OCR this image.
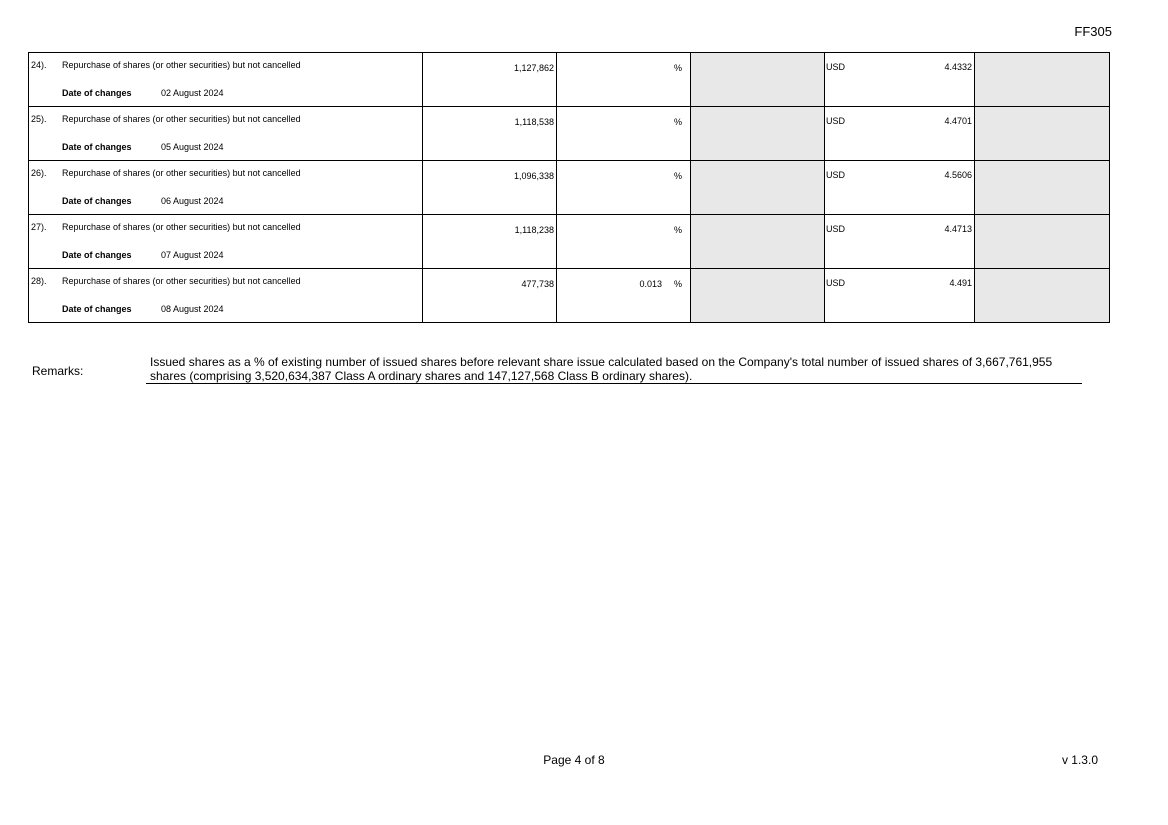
FF305
24). Repurchase of shares (or other securities) but not cancelled
Date of changes 02 August 2024	1,127,862	%		USD 4.4332	

25). Repurchase of shares (or other securities) but not cancelled
Date of changes 05 August 2024	1,118,538	%		USD 4.4701	

26). Repurchase of shares (or other securities) but not cancelled
Date of changes 06 August 2024	1,096,338	%		USD 4.5606	

27). Repurchase of shares (or other securities) but not cancelled
Date of changes 07 August 2024	1,118,238	%		USD 4.4713	

28). Repurchase of shares (or other securities) but not cancelled
Date of changes 08 August 2024	477,738	0.013 %		USD 4.491	

Remarks:
Issued shares as a % of existing number of issued shares before relevant share issue calculated based on the Company's total number of issued shares of 3,667,761,955 shares (comprising 3,520,634,387 Class A ordinary shares and 147,127,568 Class B ordinary shares).
Page 4 of 8	v 1.3.0
